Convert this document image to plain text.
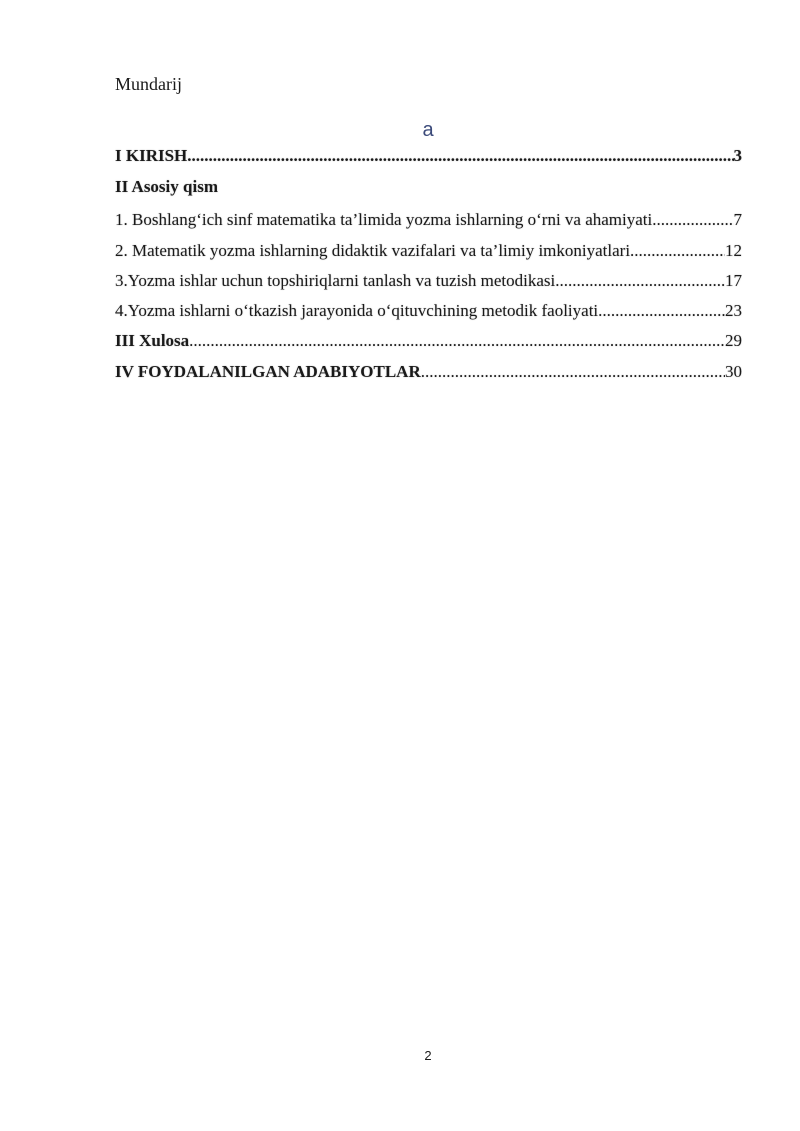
Mundarij
a
I KIRISH .....	3
II Asosiy qism
1. Boshlang‘ich sinf matematika ta’limida yozma ishlarning o‘rni va ahamiyati .....	7
2. Matematik yozma ishlarning didaktik vazifalari va ta’limiy imkoniyatlari .....	12
3.Yozma ishlar uchun topshiriqlarni tanlash va tuzish metodikasi .....	17
4.Yozma ishlarni o‘tkazish jarayonida o‘qituvchining metodik faoliyati .....	23
III Xulosa .....	29
IV FOYDALANILGAN ADABIYOTLAR .....	30
2
